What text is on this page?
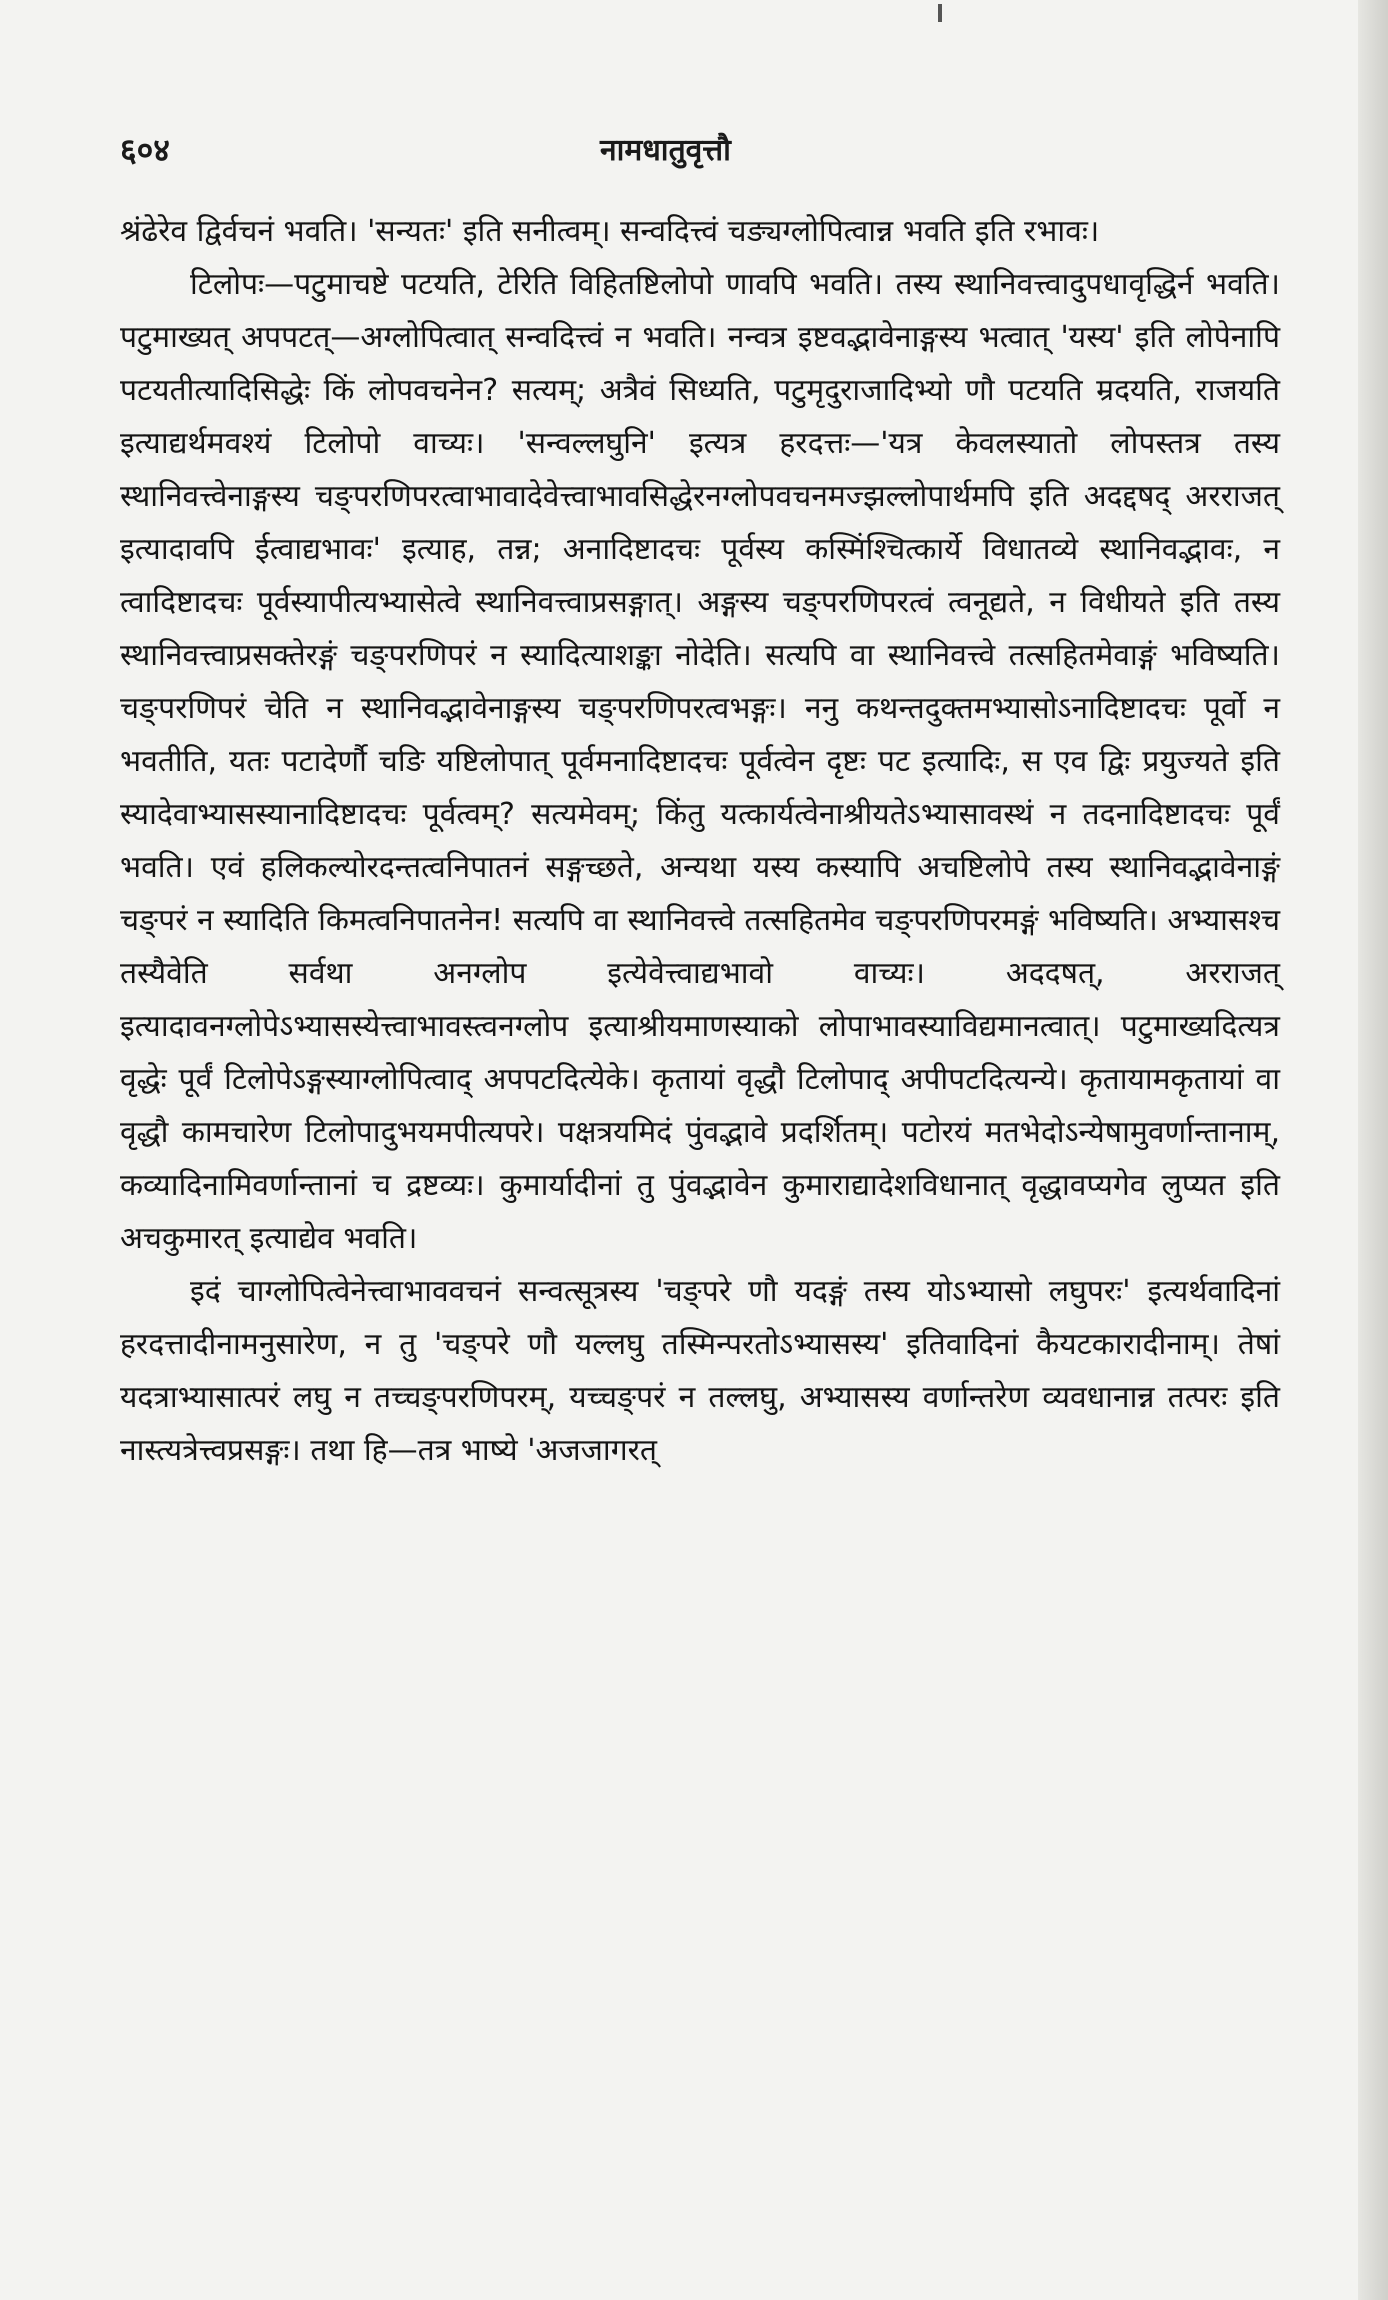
६०४	नामधातुवृत्तौ

श्रंढेरेव द्विर्वचनं भवति। 'सन्यतः' इति सनीत्वम्। सन्वदित्त्वं चङ्यग्लोपित्वान्न भवति इति रभावः।

टिलोपः—पटुमाचष्टे पटयति, टेरिति विहितष्टिलोपो णावपि भवति। तस्य स्थानिवत्त्वादुपधावृद्धिर्न भवति। पटुमाख्यत् अपपटत्—अग्लोपित्वात् सन्वदित्त्वं न भवति। नन्वत्र इष्टवद्भावेनाङ्गस्य भत्वात् 'यस्य' इति लोपेनापि पटयतीत्यादिसिद्धेः किं लोपवचनेन? सत्यम्; अत्रैवं सिध्यति, पटुमृदुराजादिभ्यो णौ पटयति म्रदयति, राजयति इत्याद्यर्थमवश्यं टिलोपो वाच्यः। 'सन्वल्लघुनि' इत्यत्र हरदत्तः—'यत्र केवलस्यातो लोपस्तत्र तस्य स्थानिवत्त्वेनाङ्गस्य चङ्परणिपरत्वाभावादेवेत्त्वाभावसिद्धेरनग्लोपवचनमज्झल्लोपार्थमपि इति अदद्दषद् अरराजत् इत्यादावपि ईत्वाद्यभावः' इत्याह, तन्न; अनादिष्टादचः पूर्वस्य कस्मिंश्चित्कार्ये विधातव्ये स्थानिवद्भावः, न त्वादिष्टादचः पूर्वस्यापीत्यभ्यासेत्वे स्थानिवत्त्वाप्रसङ्गात्। अङ्गस्य चङ्परणिपरत्वं त्वनूद्यते, न विधीयते इति तस्य स्थानिवत्त्वाप्रसक्तेरङ्गं चङ्परणिपरं न स्यादित्याशङ्का नोदेति। सत्यपि वा स्थानिवत्त्वे तत्सहितमेवाङ्गं भविष्यति। चङ्परणिपरं चेति न स्थानिवद्भावेनाङ्गस्य चङ्परणिपरत्वभङ्गः। ननु कथन्तदुक्तमभ्यासोऽनादिष्टादचः पूर्वो न भवतीति, यतः पटादेर्णौ चङि यष्टिलोपात् पूर्वमनादिष्टादचः पूर्वत्वेन दृष्टः पट इत्यादिः, स एव द्विः प्रयुज्यते इति स्यादेवाभ्यासस्यानादिष्टादचः पूर्वत्वम्? सत्यमेवम्; किंतु यत्कार्यत्वेनाश्रीयतेऽभ्यासावस्थं न तदनादिष्टादचः पूर्वं भवति। एवं हलिकल्योरदन्तत्वनिपातनं सङ्गच्छते, अन्यथा यस्य कस्यापि अचष्टिलोपे तस्य स्थानिवद्भावेनाङ्गं चङ्परं न स्यादिति किमत्वनिपातनेन! सत्यपि वा स्थानिवत्त्वे तत्सहितमेव चङ्परणिपरमङ्गं भविष्यति। अभ्यासश्च तस्यैवेति सर्वथा अनग्लोप इत्येवेत्त्वाद्यभावो वाच्यः। अददषत्, अरराजत् इत्यादावनग्लोपेऽभ्यासस्येत्त्वाभावस्त्वनग्लोप इत्याश्रीयमाणस्याको लोपाभावस्याविद्यमानत्वात्। पटुमाख्यदित्यत्र वृद्धेः पूर्वं टिलोपेऽङ्गस्याग्लोपित्वाद् अपपटदित्येके। कृतायां वृद्धौ टिलोपाद् अपीपटदित्यन्ये। कृतायामकृतायां वा वृद्धौ कामचारेण टिलोपादुभयमपीत्यपरे। पक्षत्रयमिदं पुंवद्भावे प्रदर्शितम्। पटोरयं मतभेदोऽन्येषामुवर्णान्तानाम्, कव्यादिनामिवर्णान्तानां च द्रष्टव्यः। कुमार्यादीनां तु पुंवद्भावेन कुमाराद्यादेशविधानात् वृद्धावप्यगेव लुप्यत इति अचकुमारत् इत्याद्येव भवति।

इदं चाग्लोपित्वेनेत्त्वाभाववचनं सन्वत्सूत्रस्य 'चङ्परे णौ यदङ्गं तस्य योऽभ्यासो लघुपरः' इत्यर्थवादिनां हरदत्तादीनामनुसारेण, न तु 'चङ्परे णौ यल्लघु तस्मिन्परतोऽभ्यासस्य' इतिवादिनां कैयटकारादीनाम्। तेषां यदत्राभ्यासात्परं लघु न तच्चङ्परणिपरम्, यच्चङ्परं न तल्लघु, अभ्यासस्य वर्णान्तरेण व्यवधानान्न तत्परः इति नास्त्यत्रेत्त्वप्रसङ्गः। तथा हि—तत्र भाष्ये 'अजजागरत्
